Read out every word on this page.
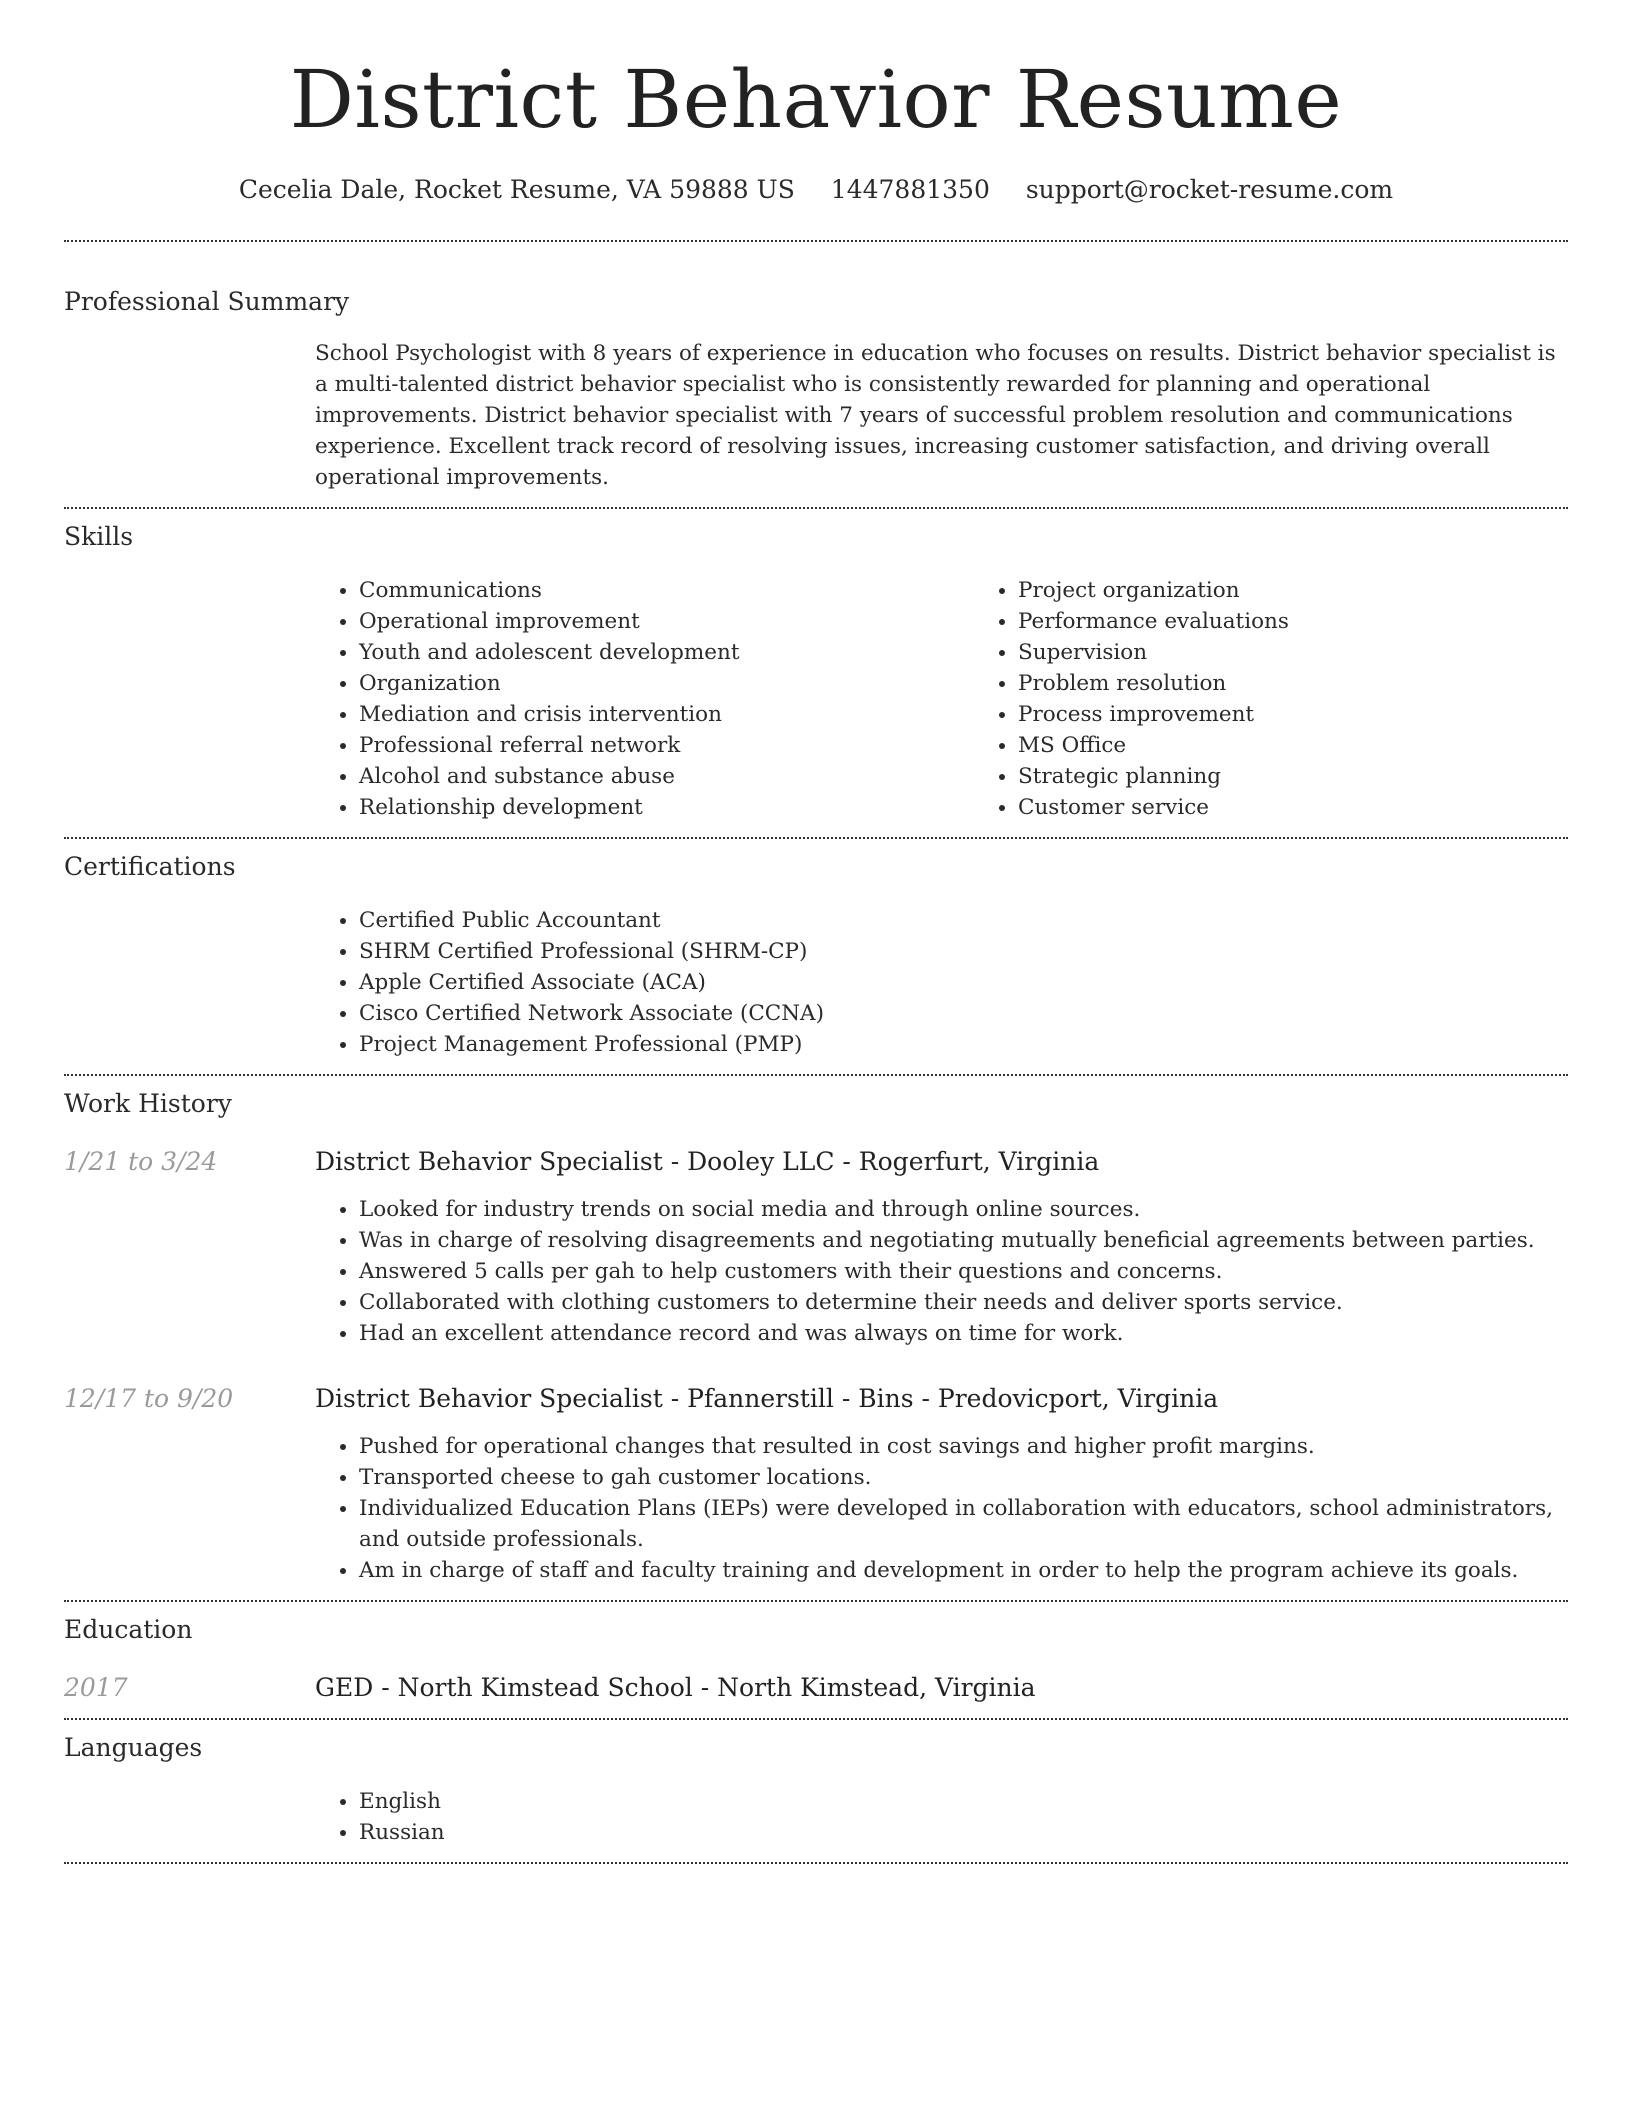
District Behavior Resume
Cecelia Dale, Rocket Resume, VA 59888 US 1447881350 support@rocket-resume.com
Professional Summary
School Psychologist with 8 years of experience in education who focuses on results. District behavior specialist is a multi-talented district behavior specialist who is consistently rewarded for planning and operational improvements. District behavior specialist with 7 years of successful problem resolution and communications experience. Excellent track record of resolving issues, increasing customer satisfaction, and driving overall operational improvements.
Skills
• Communications
• Operational improvement
• Youth and adolescent development
• Organization
• Mediation and crisis intervention
• Professional referral network
• Alcohol and substance abuse
• Relationship development
• Project organization
• Performance evaluations
• Supervision
• Problem resolution
• Process improvement
• MS Office
• Strategic planning
• Customer service
Certifications
• Certified Public Accountant
• SHRM Certified Professional (SHRM-CP)
• Apple Certified Associate (ACA)
• Cisco Certified Network Associate (CCNA)
• Project Management Professional (PMP)
Work History
1/21 to 3/24	District Behavior Specialist - Dooley LLC - Rogerfurt, Virginia
• Looked for industry trends on social media and through online sources.
• Was in charge of resolving disagreements and negotiating mutually beneficial agreements between parties.
• Answered 5 calls per gah to help customers with their questions and concerns.
• Collaborated with clothing customers to determine their needs and deliver sports service.
• Had an excellent attendance record and was always on time for work.
12/17 to 9/20	District Behavior Specialist - Pfannerstill - Bins - Predovicport, Virginia
• Pushed for operational changes that resulted in cost savings and higher profit margins.
• Transported cheese to gah customer locations.
• Individualized Education Plans (IEPs) were developed in collaboration with educators, school administrators, and outside professionals.
• Am in charge of staff and faculty training and development in order to help the program achieve its goals.
Education
2017	GED - North Kimstead School - North Kimstead, Virginia
Languages
• English
• Russian
